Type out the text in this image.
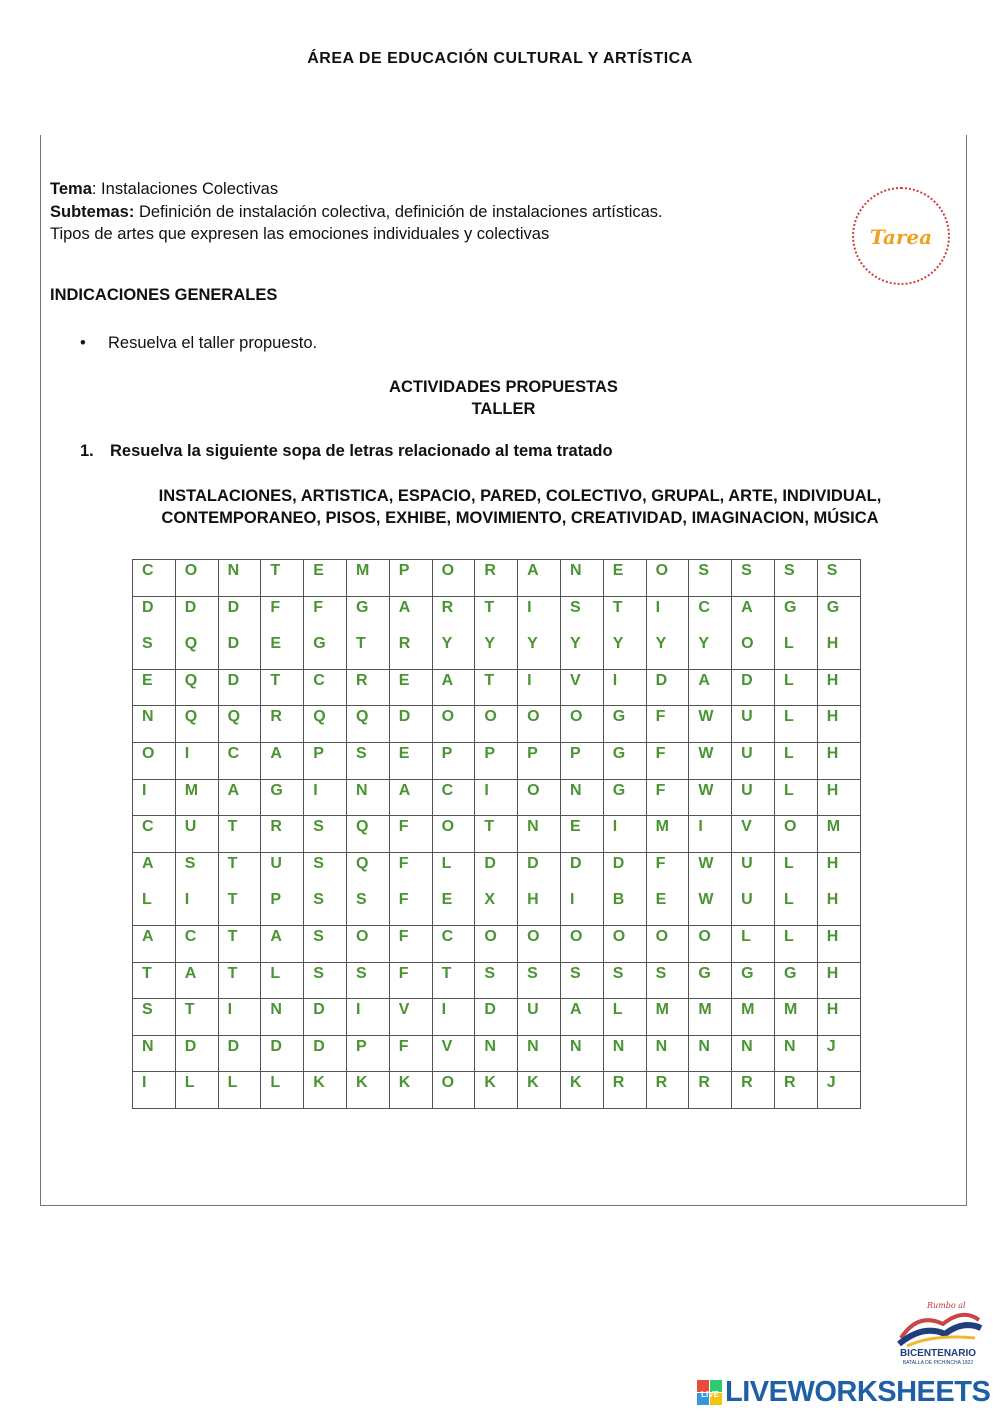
ÁREA DE EDUCACIÓN CULTURAL Y ARTÍSTICA
Tema: Instalaciones Colectivas
Subtemas: Definición de instalación colectiva, definición de instalaciones artísticas.
Tipos de artes que expresen las emociones individuales y colectivas	Tarea
INDICACIONES GENERALES
• Resuelva el taller propuesto.
ACTIVIDADES PROPUESTAS
TALLER
1. Resuelva la siguiente sopa de letras relacionado al tema tratado
INSTALACIONES, ARTISTICA, ESPACIO, PARED, COLECTIVO, GRUPAL, ARTE, INDIVIDUAL,
CONTEMPORANEO, PISOS, EXHIBE, MOVIMIENTO, CREATIVIDAD, IMAGINACION, MÚSICA
C	O	N	T	E	M	P	O	R	A	N	E	O	S	S	S	S
D	D	D	F	F	G	A	R	T	I	S	T	I	C	A	G	G
S	Q	D	E	G	T	R	Y	Y	Y	Y	Y	Y	Y	O	L	H
E	Q	D	T	C	R	E	A	T	I	V	I	D	A	D	L	H
N	Q	Q	R	Q	Q	D	O	O	O	O	G	F	W	U	L	H
O	I	C	A	P	S	E	P	P	P	P	G	F	W	U	L	H
I	M	A	G	I	N	A	C	I	O	N	G	F	W	U	L	H
C	U	T	R	S	Q	F	O	T	N	E	I	M	I	V	O	M
A	S	T	U	S	Q	F	L	D	D	D	D	F	W	U	L	H
L	I	T	P	S	S	F	E	X	H	I	B	E	W	U	L	H
A	C	T	A	S	O	F	C	O	O	O	O	O	O	L	L	H
T	A	T	L	S	S	F	T	S	S	S	S	S	G	G	G	H
S	T	I	N	D	I	V	I	D	U	A	L	M	M	M	M	H
N	D	D	D	D	P	F	V	N	N	N	N	N	N	N	N	J
I	L	L	L	K	K	K	O	K	K	K	R	R	R	R	R	J
Rumbo al
BICENTENARIO
BATALLA DE PICHINCHA 1822
LIVE LIVEWORKSHEETS
